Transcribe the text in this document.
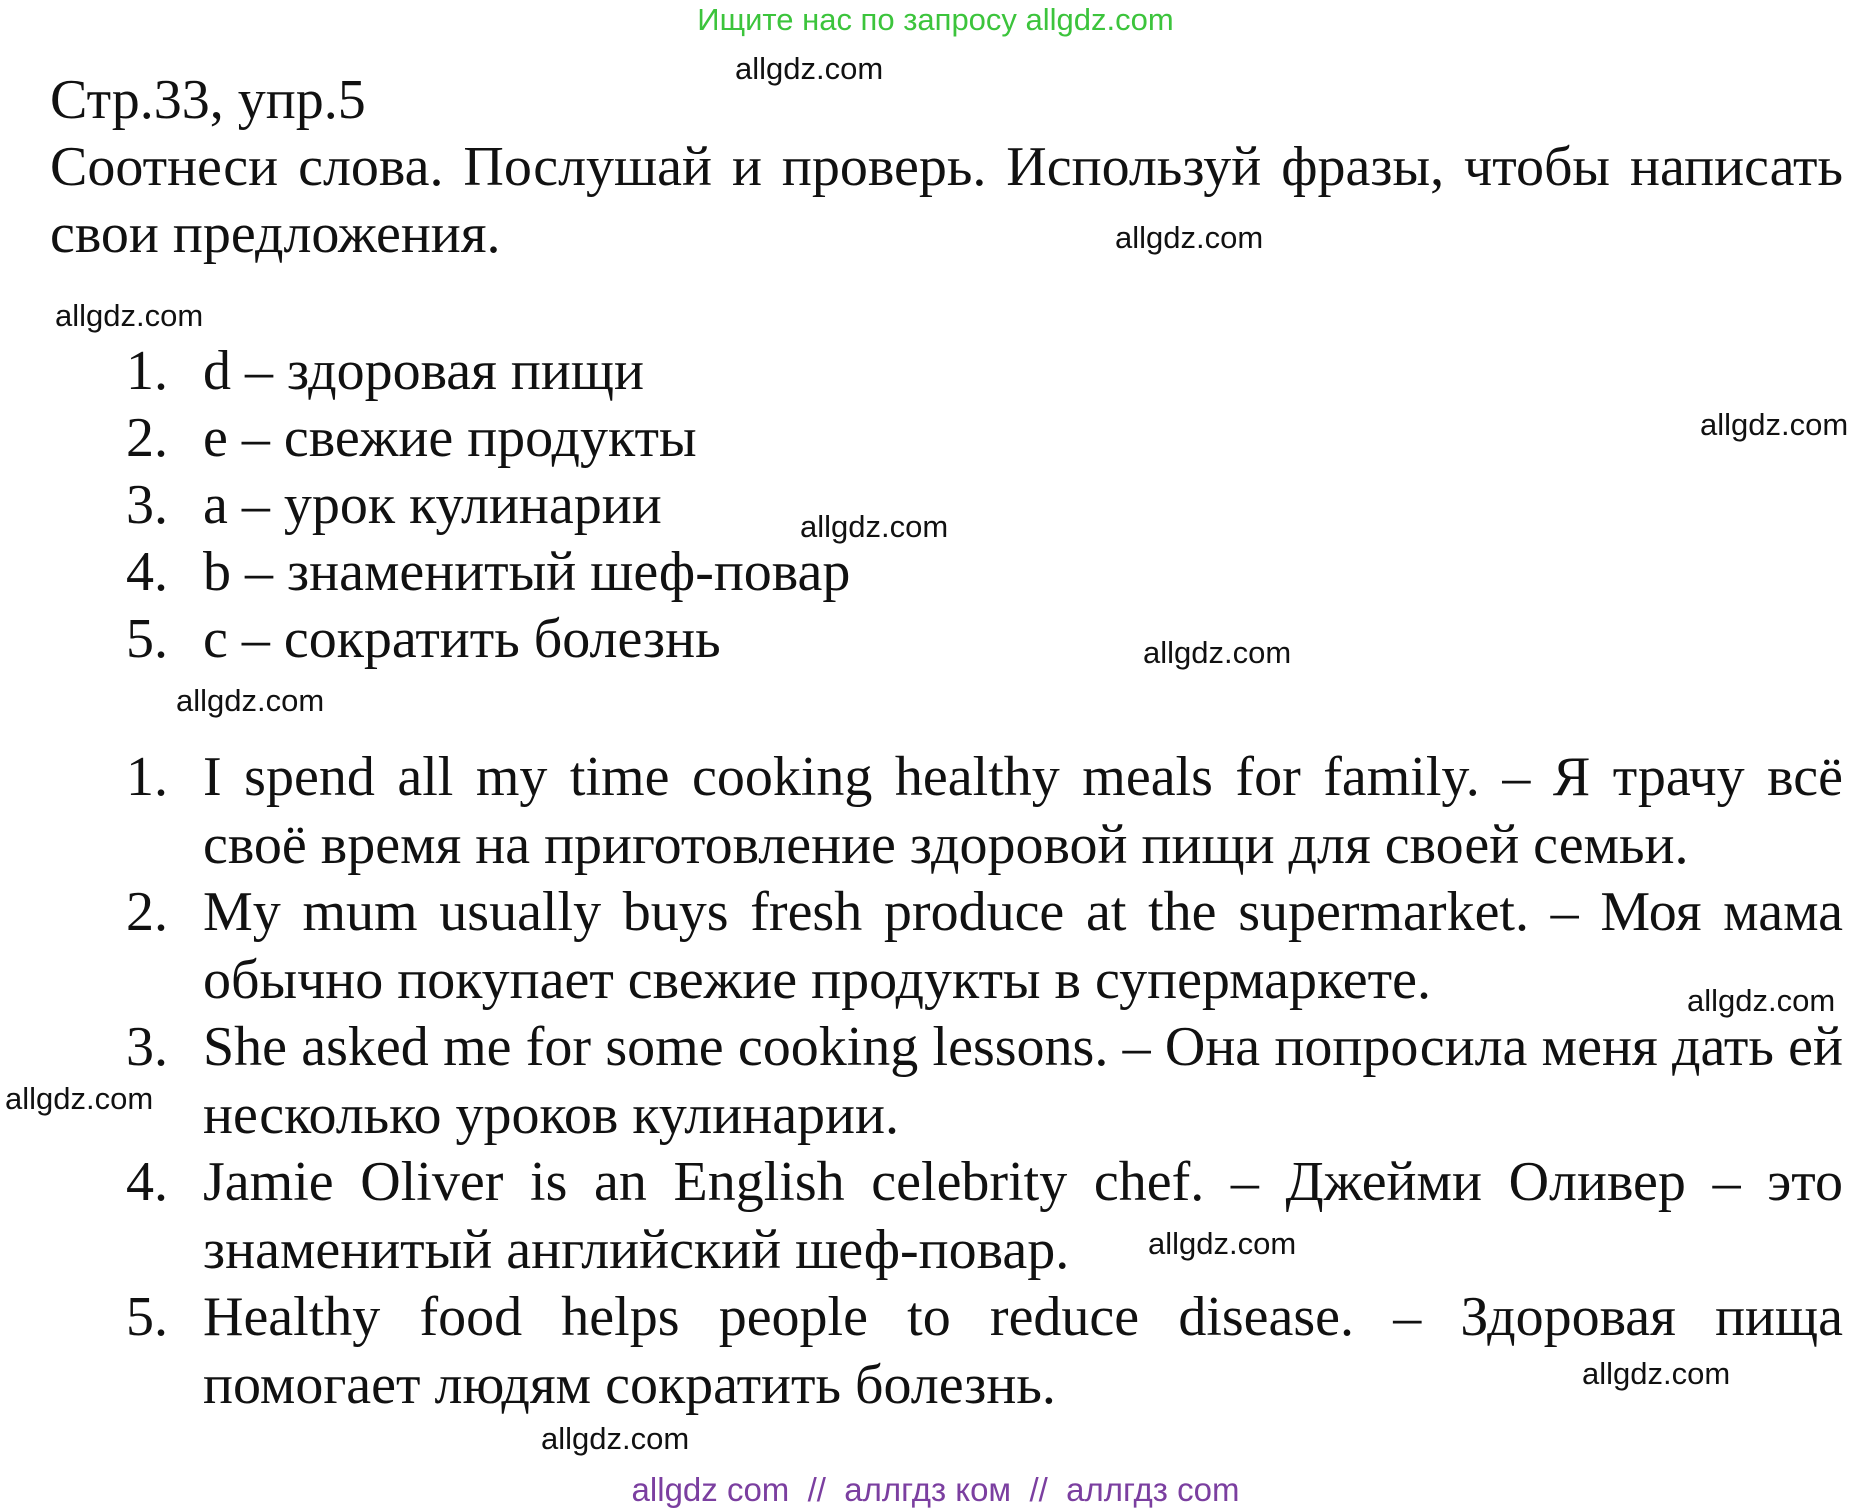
Ищите нас по запросу allgdz.com
allgdz.com
allgdz.com
allgdz.com
allgdz.com
allgdz.com
allgdz.com
allgdz.com
allgdz.com
allgdz.com
allgdz.com
allgdz.com
allgdz.com
Стр.33, упр.5
Соотнеси слова. Послушай и проверь. Используй фразы, чтобы написать свои предложения.
1. d – здоровая пищи
2. e – свежие продукты
3. a – урок кулинарии
4. b – знаменитый шеф-повар
5. c – сократить болезнь
1. I spend all my time cooking healthy meals for family. – Я трачу всё своё время на приготовление здоровой пищи для своей семьи.
2. My mum usually buys fresh produce at the supermarket. – Моя мама обычно покупает свежие продукты в супермаркете.
3. She asked me for some cooking lessons. – Она попросила меня дать ей несколько уроков кулинарии.
4. Jamie Oliver is an English celebrity chef. – Джейми Оливер – это знаменитый английский шеф-повар.
5. Healthy food helps people to reduce disease. – Здоровая пища помогает людям сократить болезнь.
allgdz com  //  аллгдз ком  //  аллгдз com
